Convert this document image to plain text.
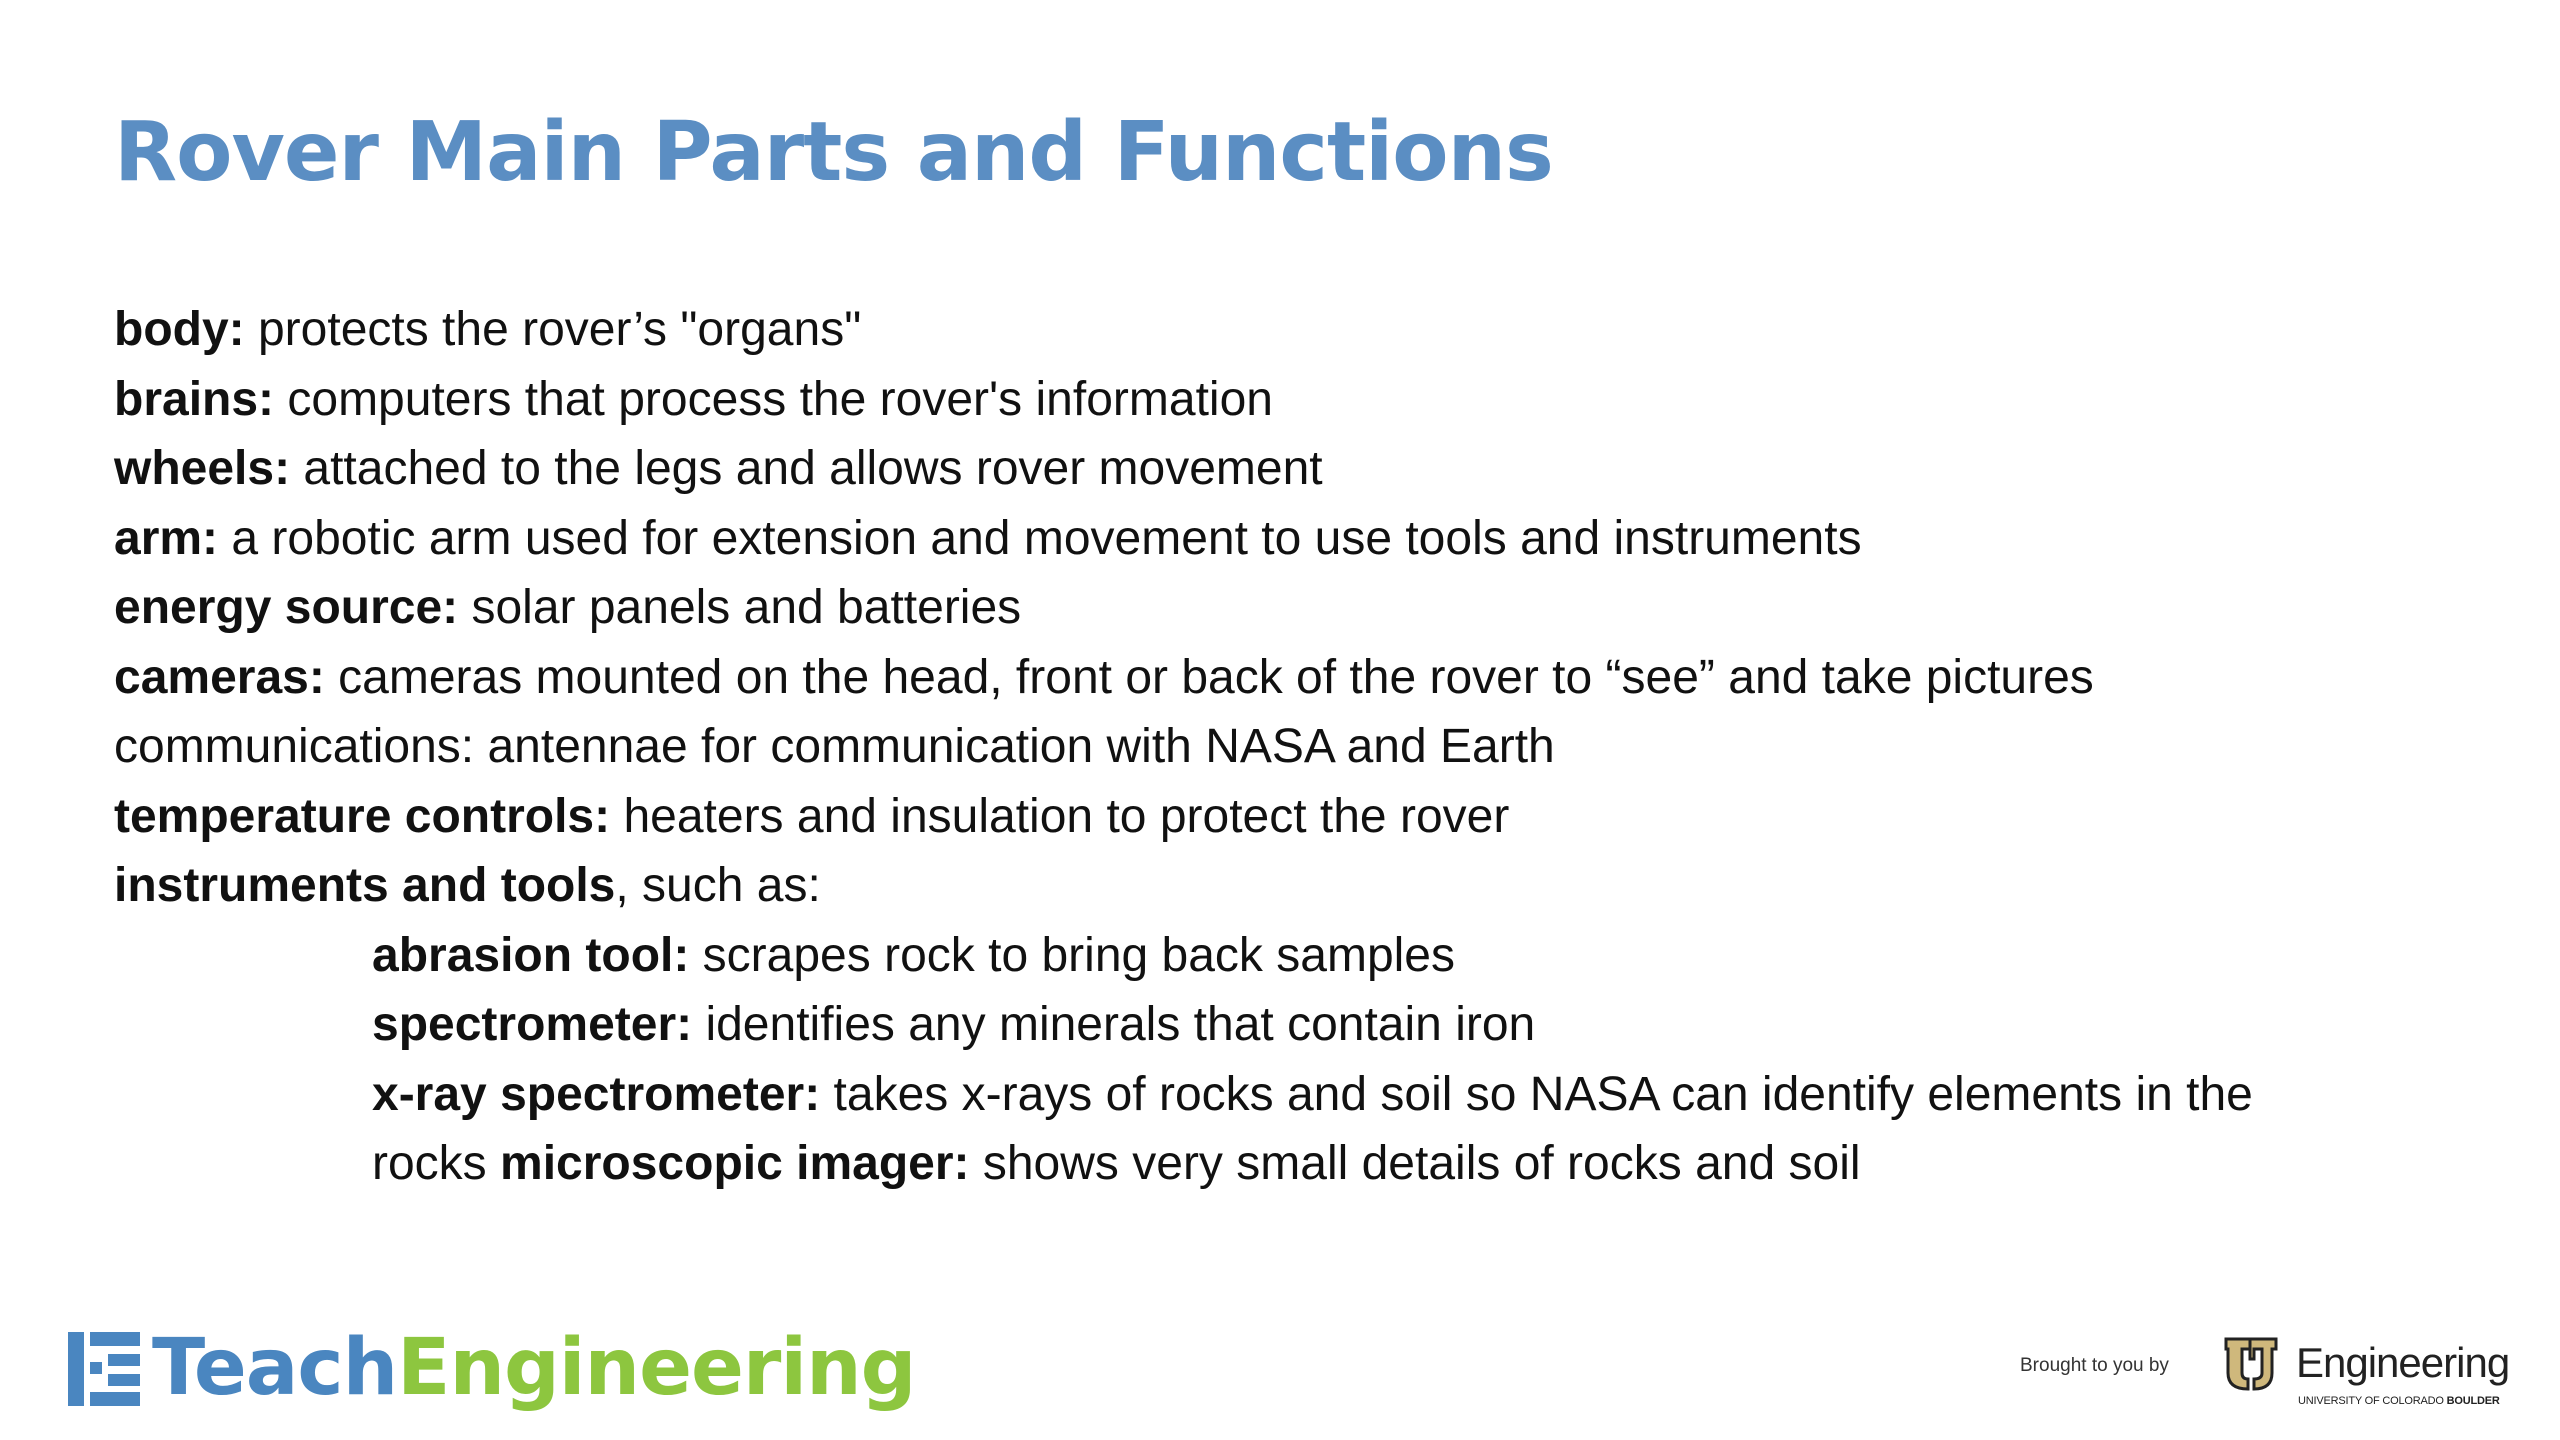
Rover Main Parts and Functions
body: protects the rover’s "organs"
brains: computers that process the rover's information
wheels: attached to the legs and allows rover movement
arm: a robotic arm used for extension and movement to use tools and instruments
energy source: solar panels and batteries
cameras: cameras mounted on the head, front or back of the rover to “see” and take pictures
communications: antennae for communication with NASA and Earth
temperature controls: heaters and insulation to protect the rover
instruments and tools, such as:
abrasion tool: scrapes rock to bring back samples
spectrometer: identifies any minerals that contain iron
x-ray spectrometer: takes x-rays of rocks and soil so NASA can identify elements in the
rocks microscopic imager: shows very small details of rocks and soil
TeachEngineering	Brought to you by	Engineering
UNIVERSITY OF COLORADO BOULDER
